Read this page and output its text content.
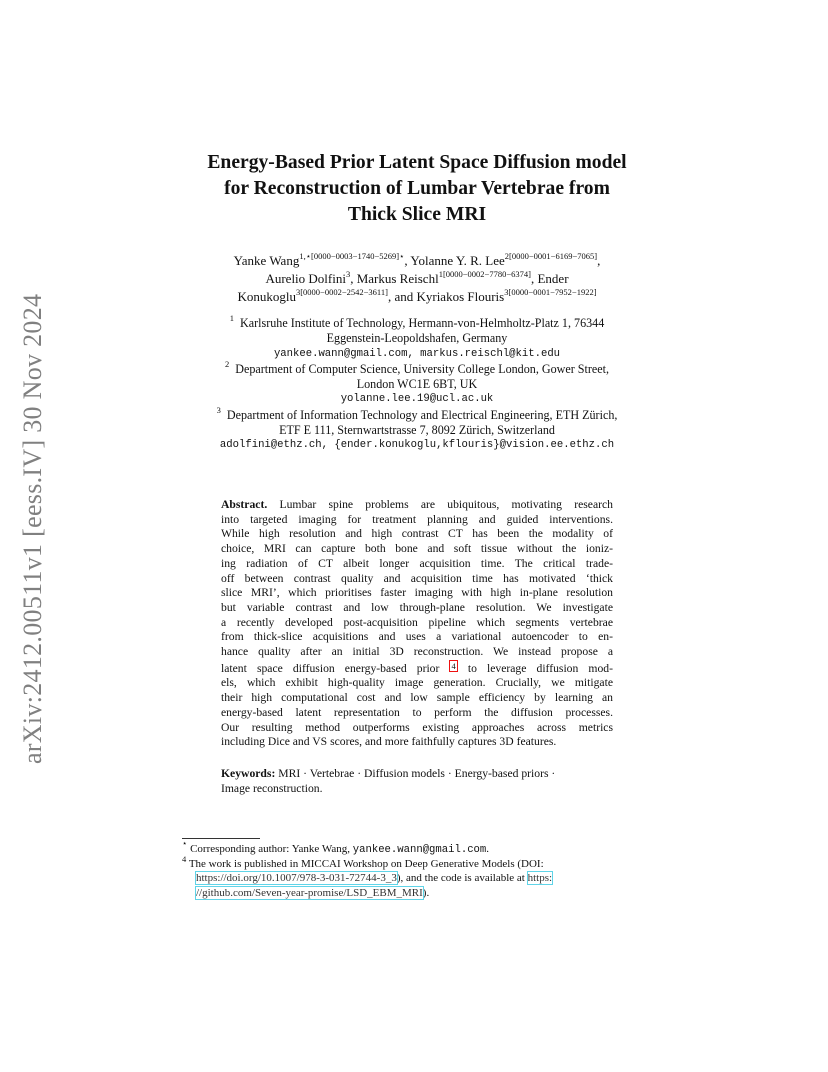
arXiv:2412.00511v1 [eess.IV] 30 Nov 2024
Energy-Based Prior Latent Space Diffusion model
for Reconstruction of Lumbar Vertebrae from
Thick Slice MRI
Yanke Wang$^{1,⋆[0000-0003-1740-5269]⋆}$, Yolanne Y. R. Lee$^{2[0000-0001-6169-7065]}$,
Aurelio Dolfini$^3$, Markus Reischl$^{1[0000-0002-7780-6374]}$, Ender
Konukoglu$^{3[0000-0002-2542-3611]}$, and Kyriakos Flouris$^{3[0000-0001-7952-1922]}$
$^1$ Karlsruhe Institute of Technology, Hermann-von-Helmholtz-Platz 1, 76344
Eggenstein-Leopoldshafen, Germany
yankee.wann@gmail.com, markus.reischl@kit.edu
$^2$ Department of Computer Science, University College London, Gower Street,
London WC1E 6BT, UK
yolanne.lee.19@ucl.ac.uk
$^3$ Department of Information Technology and Electrical Engineering, ETH Zürich,
ETF E 111, Sternwartstrasse 7, 8092 Zürich, Switzerland
adolfini@ethz.ch, {ender.konukoglu,kflouris}@vision.ee.ethz.ch
Abstract. Lumbar spine problems are ubiquitous, motivating research
into targeted imaging for treatment planning and guided interventions.
While high resolution and high contrast CT has been the modality of
choice, MRI can capture both bone and soft tissue without the ioniz-
ing radiation of CT albeit longer acquisition time. The critical trade-
off between contrast quality and acquisition time has motivated ‘thick
slice MRI’, which prioritises faster imaging with high in-plane resolution
but variable contrast and low through-plane resolution. We investigate
a recently developed post-acquisition pipeline which segments vertebrae
from thick-slice acquisitions and uses a variational autoencoder to en-
hance quality after an initial 3D reconstruction. We instead propose a
latent space diffusion energy-based prior 4 to leverage diffusion mod-
els, which exhibit high-quality image generation. Crucially, we mitigate
their high computational cost and low sample efficiency by learning an
energy-based latent representation to perform the diffusion processes.
Our resulting method outperforms existing approaches across metrics
including Dice and VS scores, and more faithfully captures 3D features.
Keywords: MRI · Vertebrae · Diffusion models · Energy-based priors ·
Image reconstruction.
⋆ Corresponding author: Yanke Wang, yankee.wann@gmail.com.
$^4$ The work is published in MICCAI Workshop on Deep Generative Models (DOI:
https://doi.org/10.1007/978-3-031-72744-3_3), and the code is available at https:
//github.com/Seven-year-promise/LSD_EBM_MRI).
